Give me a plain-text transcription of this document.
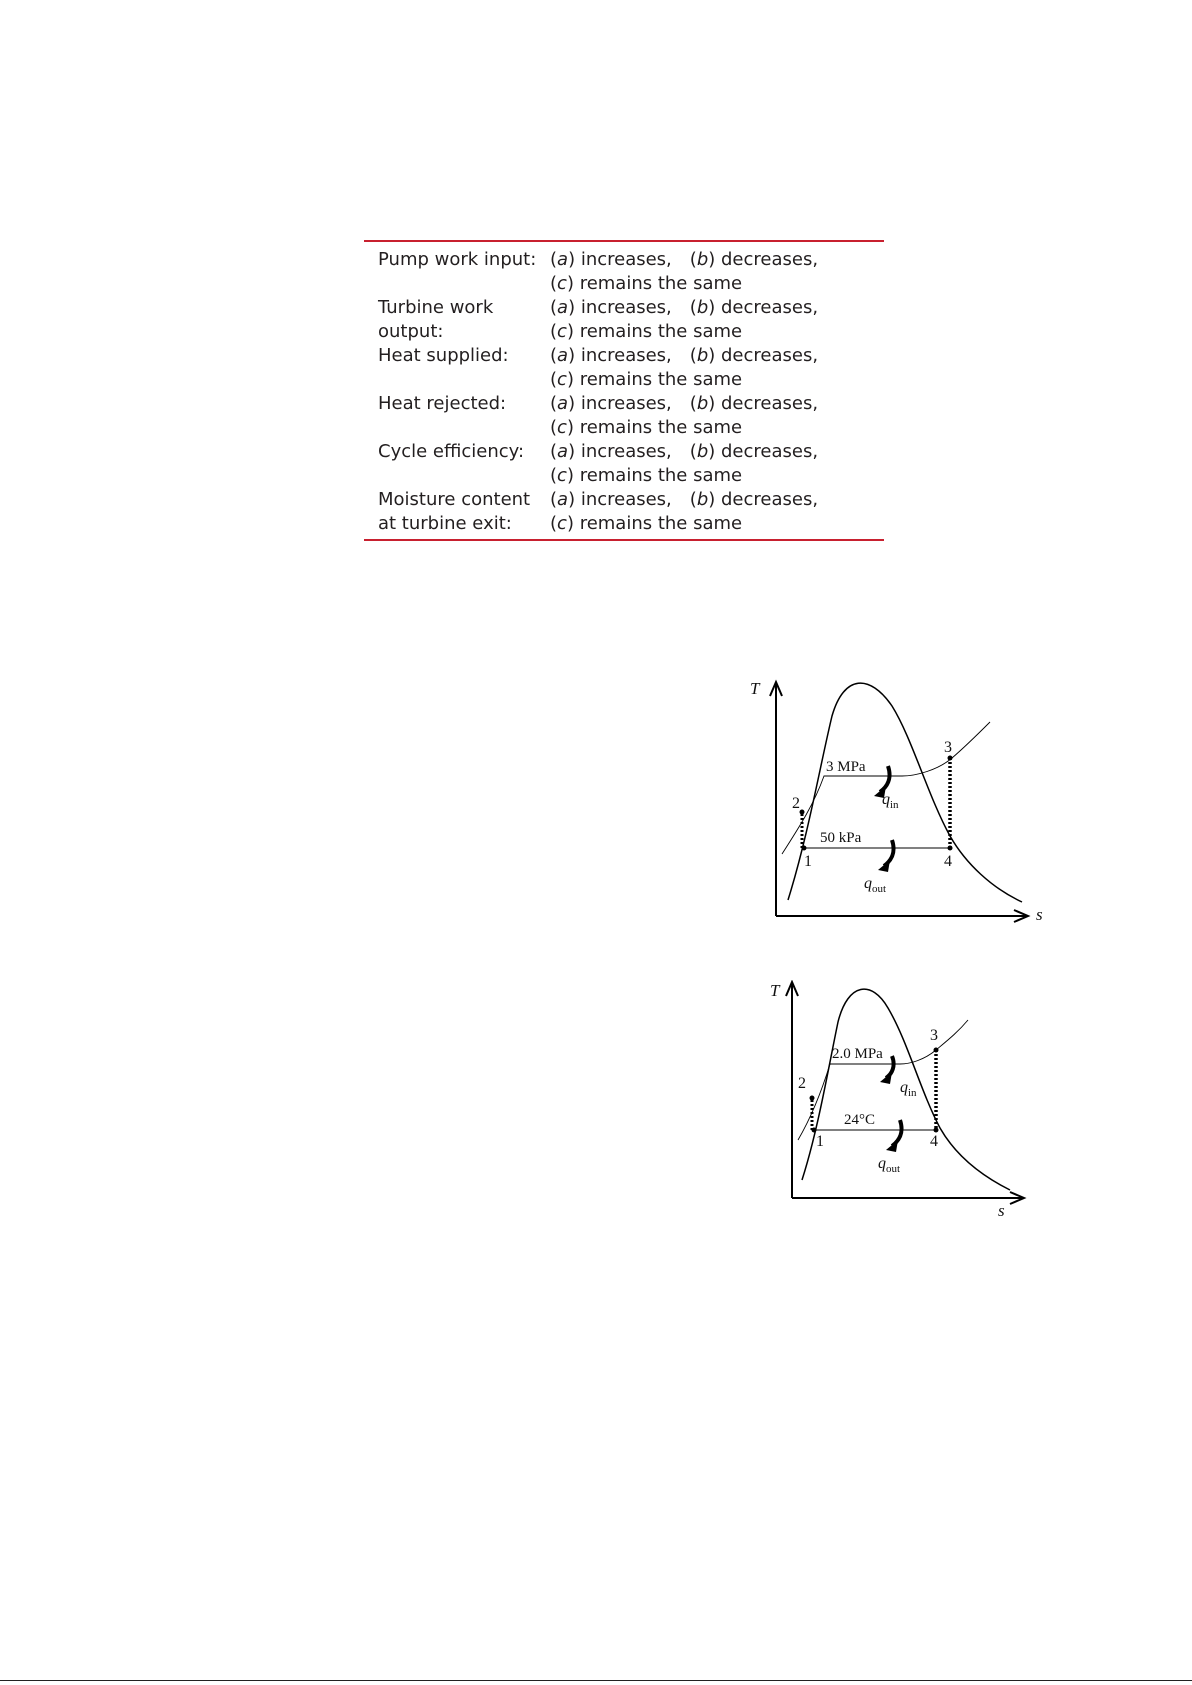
Pump work input:	(a) increases, (b) decreases,
	(c) remains the same
Turbine work	(a) increases, (b) decreases,
output:	(c) remains the same
Heat supplied:	(a) increases, (b) decreases,
	(c) remains the same
Heat rejected:	(a) increases, (b) decreases,
	(c) remains the same
Cycle efficiency:	(a) increases, (b) decreases,
	(c) remains the same
Moisture content	(a) increases, (b) decreases,
at turbine exit:	(c) remains the same
T
s
1
2
3
4
3 MPa
50 kPa
$q_{in}$
$q_{out}$
T
s
1
2
3
4
2.0 MPa
24°C
$q_{in}$
$q_{out}$
